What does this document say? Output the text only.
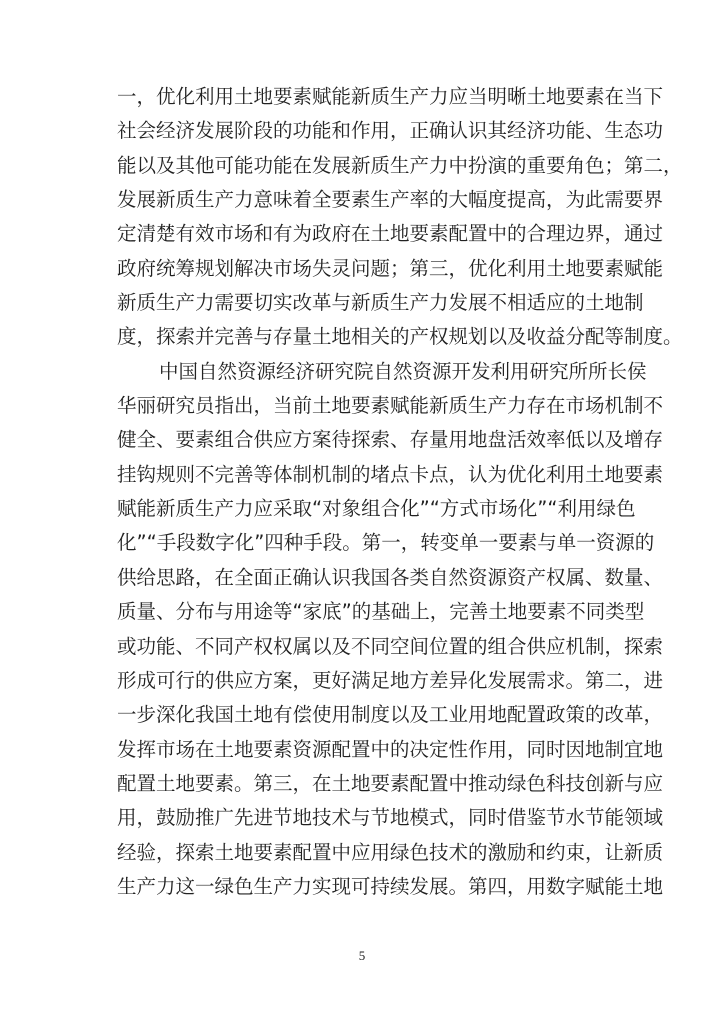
一，优化利用土地要素赋能新质生产力应当明晰土地要素在当下
社会经济发展阶段的功能和作用，正确认识其经济功能、生态功
能以及其他可能功能在发展新质生产力中扮演的重要角色；第二，
发展新质生产力意味着全要素生产率的大幅度提高，为此需要界
定清楚有效市场和有为政府在土地要素配置中的合理边界，通过
政府统筹规划解决市场失灵问题；第三，优化利用土地要素赋能
新质生产力需要切实改革与新质生产力发展不相适应的土地制
度，探索并完善与存量土地相关的产权规划以及收益分配等制度。
中国自然资源经济研究院自然资源开发利用研究所所长侯
华丽研究员指出，当前土地要素赋能新质生产力存在市场机制不
健全、要素组合供应方案待探索、存量用地盘活效率低以及增存
挂钩规则不完善等体制机制的堵点卡点，认为优化利用土地要素
赋能新质生产力应采取“对象组合化”“方式市场化”“利用绿色
化”“手段数字化”四种手段。第一，转变单一要素与单一资源的
供给思路，在全面正确认识我国各类自然资源资产权属、数量、
质量、分布与用途等“家底”的基础上，完善土地要素不同类型
或功能、不同产权权属以及不同空间位置的组合供应机制，探索
形成可行的供应方案，更好满足地方差异化发展需求。第二，进
一步深化我国土地有偿使用制度以及工业用地配置政策的改革，
发挥市场在土地要素资源配置中的决定性作用，同时因地制宜地
配置土地要素。第三，在土地要素配置中推动绿色科技创新与应
用，鼓励推广先进节地技术与节地模式，同时借鉴节水节能领域
经验，探索土地要素配置中应用绿色技术的激励和约束，让新质
生产力这一绿色生产力实现可持续发展。第四，用数字赋能土地
5
